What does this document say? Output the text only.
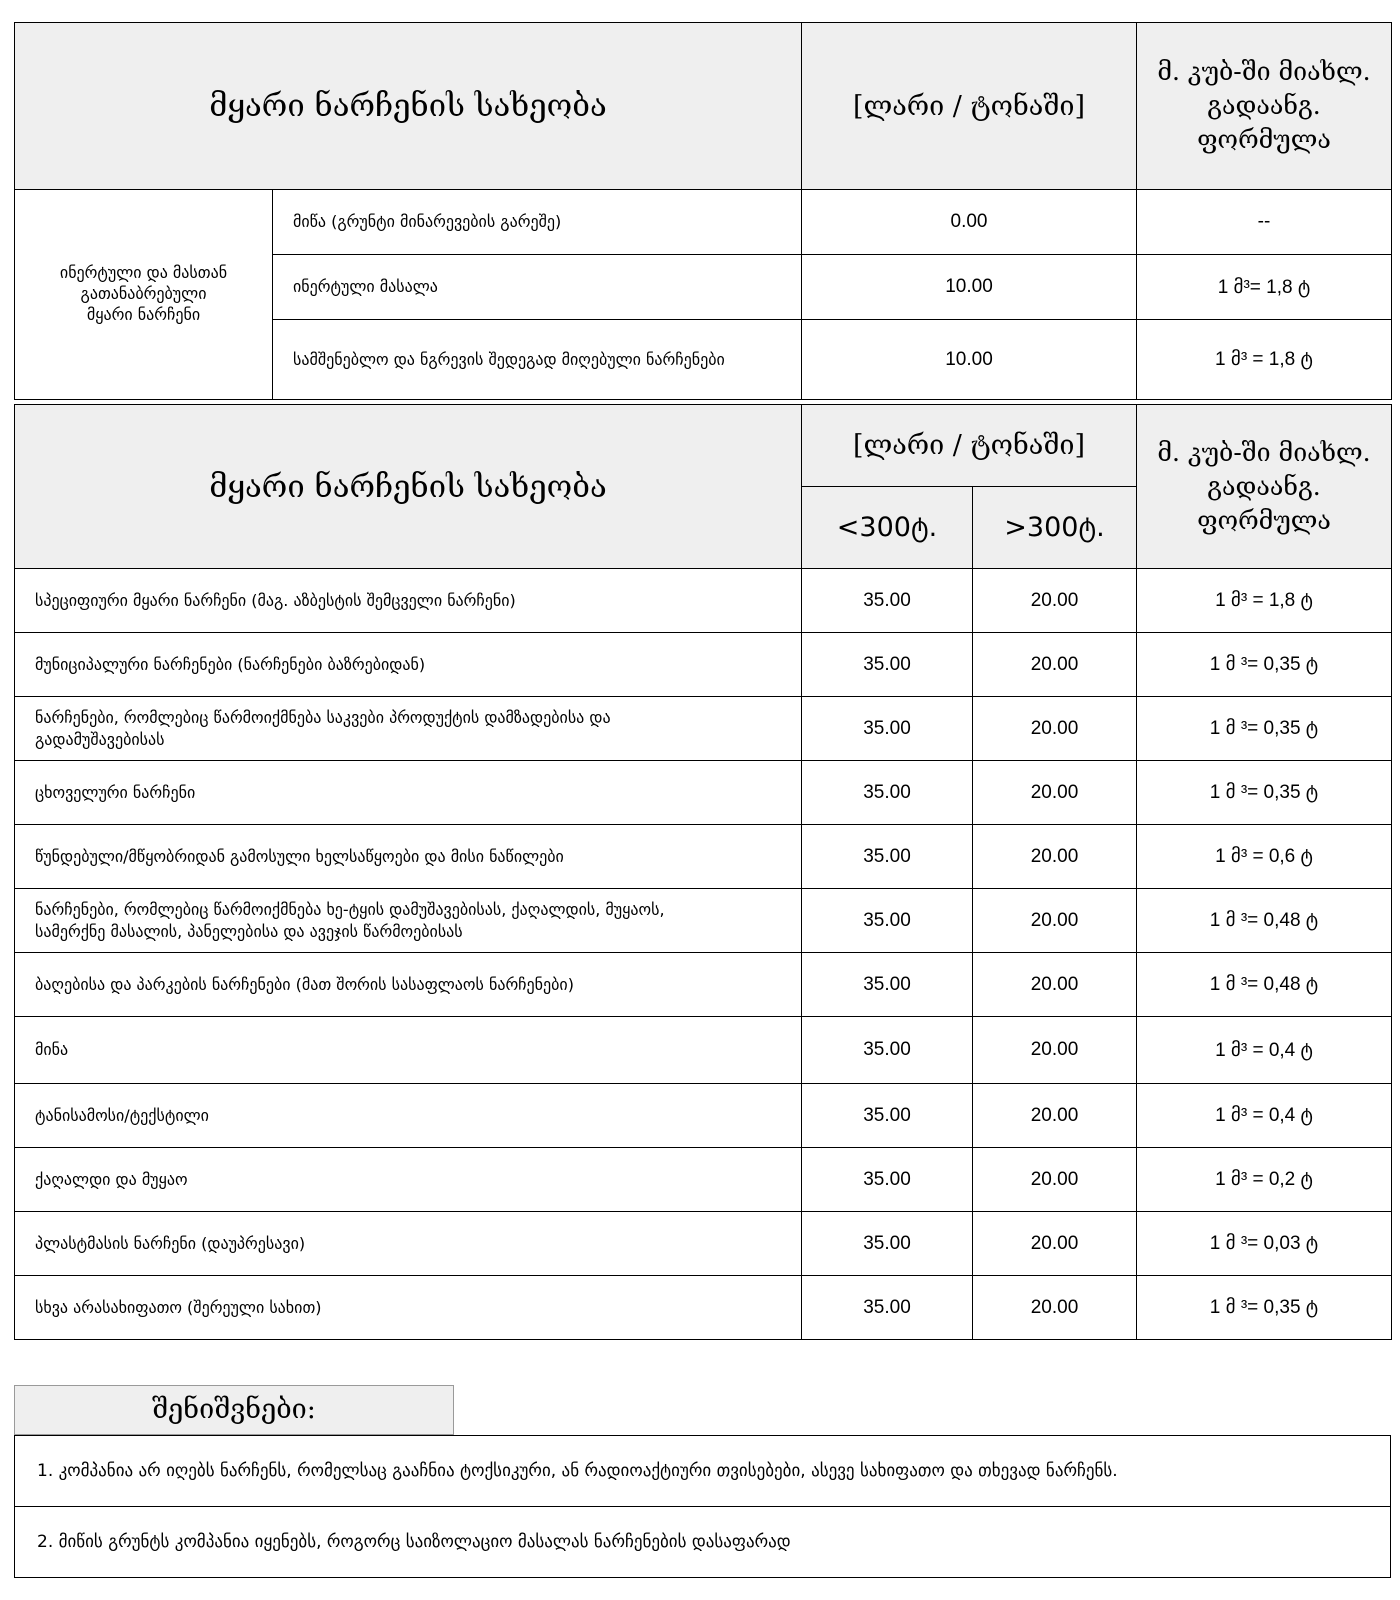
მყარი ნარჩენის სახეობა		[ლარი / ტონაში]	მ. კუბ-ში მიახლ.
გადაანგ.
ფორმულა
ინერტული და მასთან
გათანაბრებული
მყარი ნარჩენი	მიწა (გრუნტი მინარევების გარეშე)	0.00	--
	ინერტული მასალა	10.00	1 მ³= 1,8 ტ
	სამშენებლო და ნგრევის შედეგად მიღებული ნარჩენები	10.00	1 მ³ = 1,8 ტ
მყარი ნარჩენის სახეობა	[ლარი / ტონაში]		მ. კუბ-ში მიახლ.
გადაანგ.
ფორმულა
	<300ტ.	>300ტ.	
სპეციფიური მყარი ნარჩენი (მაგ. აზბესტის შემცველი ნარჩენი)	35.00	20.00	1 მ³ = 1,8 ტ
მუნიციპალური ნარჩენები (ნარჩენები ბაზრებიდან)	35.00	20.00	1 მ ³= 0,35 ტ
ნარჩენები, რომლებიც წარმოიქმნება საკვები პროდუქტის დამზადებისა და
გადამუშავებისას	35.00	20.00	1 მ ³= 0,35 ტ
ცხოველური ნარჩენი	35.00	20.00	1 მ ³= 0,35 ტ
წუნდებული/მწყობრიდან გამოსული ხელსაწყოები და მისი ნაწილები	35.00	20.00	1 მ³ = 0,6 ტ
ნარჩენები, რომლებიც წარმოიქმნება ხე-ტყის დამუშავებისას, ქაღალდის, მუყაოს,
სამერქნე მასალის, პანელებისა და ავეჯის წარმოებისას	35.00	20.00	1 მ ³= 0,48 ტ
ბაღებისა და პარკების ნარჩენები (მათ შორის სასაფლაოს ნარჩენები)	35.00	20.00	1 მ ³= 0,48 ტ
მინა	35.00	20.00	1 მ³ = 0,4 ტ
ტანისამოსი/ტექსტილი	35.00	20.00	1 მ³ = 0,4 ტ
ქაღალდი და მუყაო	35.00	20.00	1 მ³ = 0,2 ტ
პლასტმასის ნარჩენი (დაუპრესავი)	35.00	20.00	1 მ ³= 0,03 ტ
სხვა არასახიფათო (შერეული სახით)	35.00	20.00	1 მ ³= 0,35 ტ
შენიშვნები:
1. კომპანია არ იღებს ნარჩენს, რომელსაც გააჩნია ტოქსიკური, ან რადიოაქტიური თვისებები, ასევე სახიფათო და თხევად ნარჩენს.
2. მიწის გრუნტს კომპანია იყენებს, როგორც საიზოლაციო მასალას ნარჩენების დასაფარად
